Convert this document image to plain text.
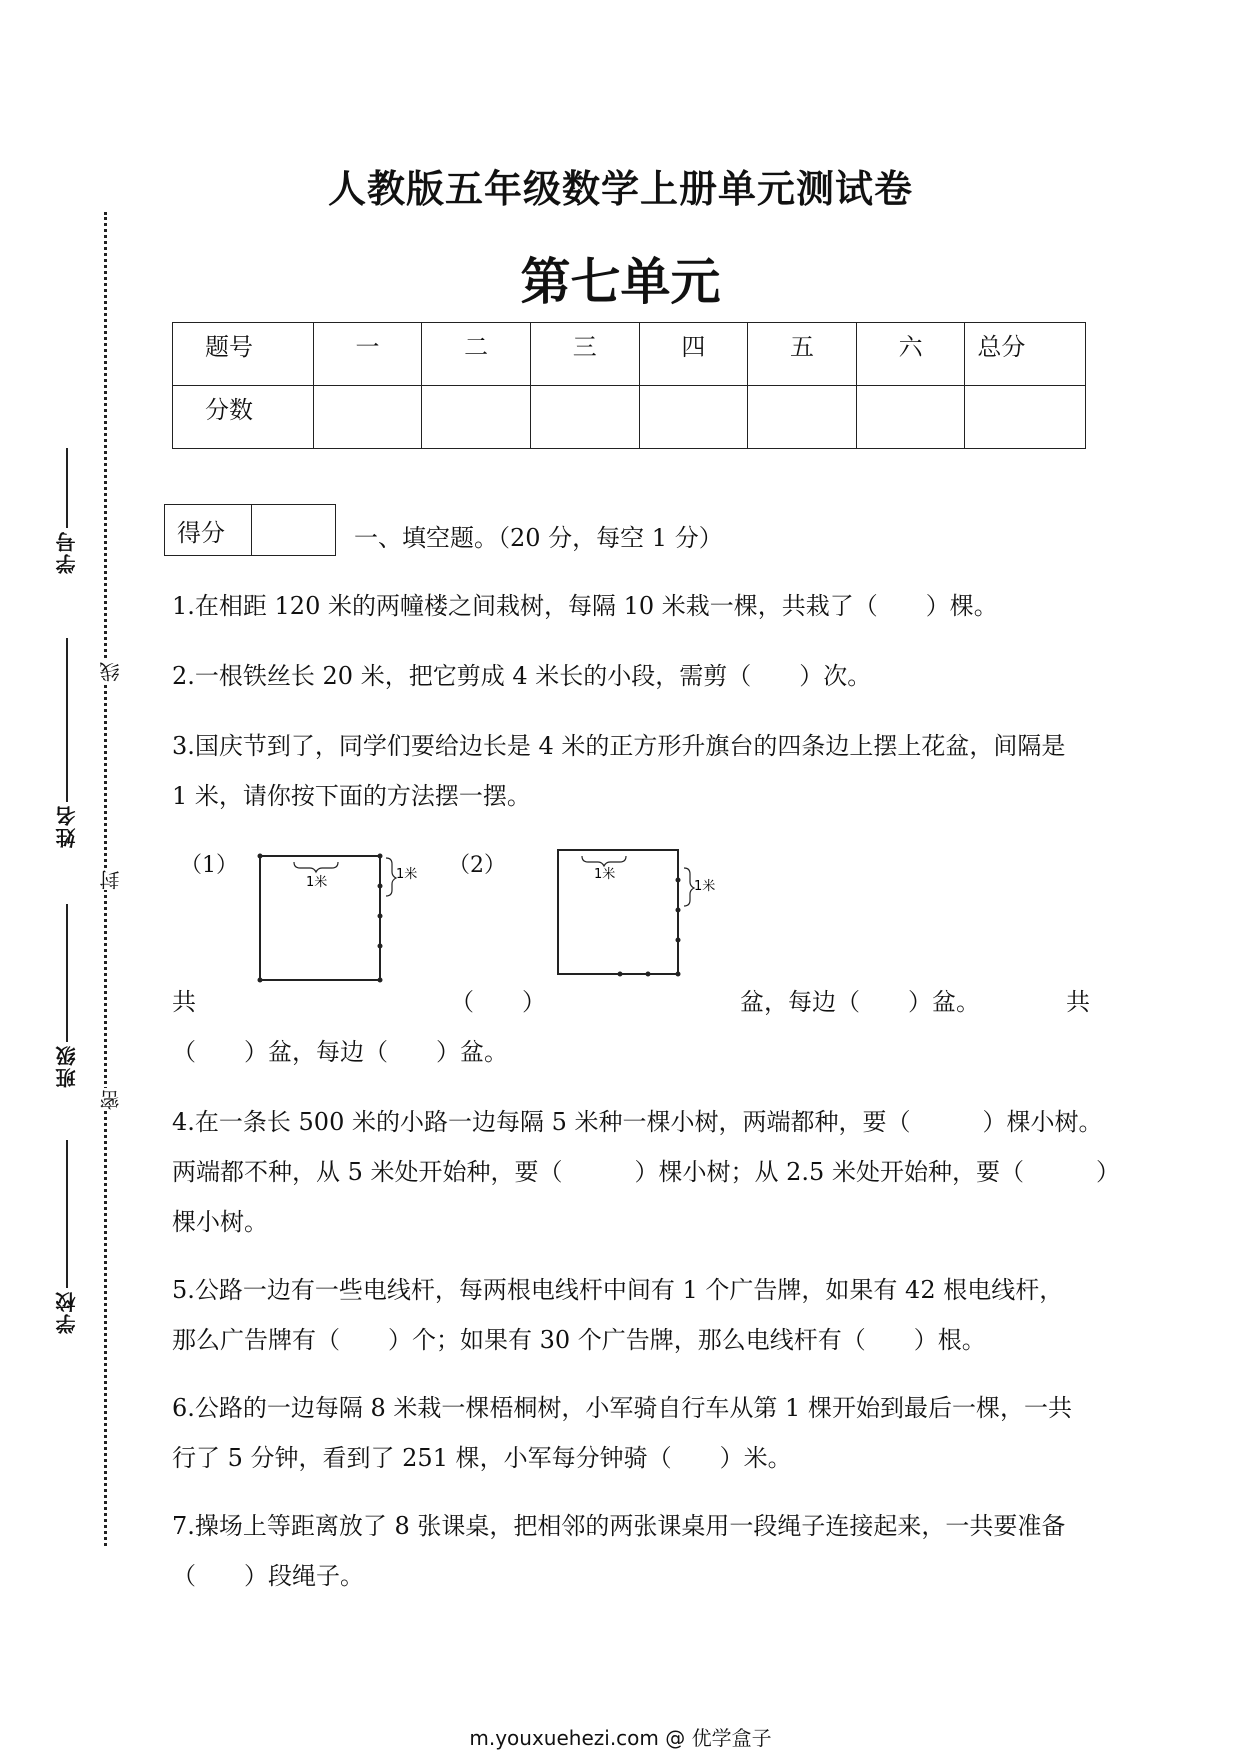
学号
姓名
班级
学校
线
封
密
人教版五年级数学上册单元测试卷
第七单元
题号	一	二	三	四	五	六	总分
分数							
得分	一、填空题。（20 分，每空 1 分）
1.在相距 120 米的两幢楼之间栽树，每隔 10 米栽一棵，共栽了（　　）棵。
2.一根铁丝长 20 米，把它剪成 4 米长的小段，需剪（　　）次。
3.国庆节到了，同学们要给边长是 4 米的正方形升旗台的四条边上摆上花盆，间隔是
1 米，请你按下面的方法摆一摆。
（1）	（2）
1米
1米	1米
1米
共	（　　）	盆，每边（　　）盆。	共
（　　）盆，每边（　　）盆。
4.在一条长 500 米的小路一边每隔 5 米种一棵小树，两端都种，要（　　　）棵小树。
两端都不种，从 5 米处开始种，要（　　　）棵小树；从 2.5 米处开始种，要（　　　）
棵小树。
5.公路一边有一些电线杆，每两根电线杆中间有 1 个广告牌，如果有 42 根电线杆，
那么广告牌有（　　）个；如果有 30 个广告牌，那么电线杆有（　　）根。
6.公路的一边每隔 8 米栽一棵梧桐树，小军骑自行车从第 1 棵开始到最后一棵，一共
行了 5 分钟，看到了 251 棵，小军每分钟骑（　　）米。
7.操场上等距离放了 8 张课桌，把相邻的两张课桌用一段绳子连接起来，一共要准备
（　　）段绳子。
m.youxuehezi.com @ 优学盒子
